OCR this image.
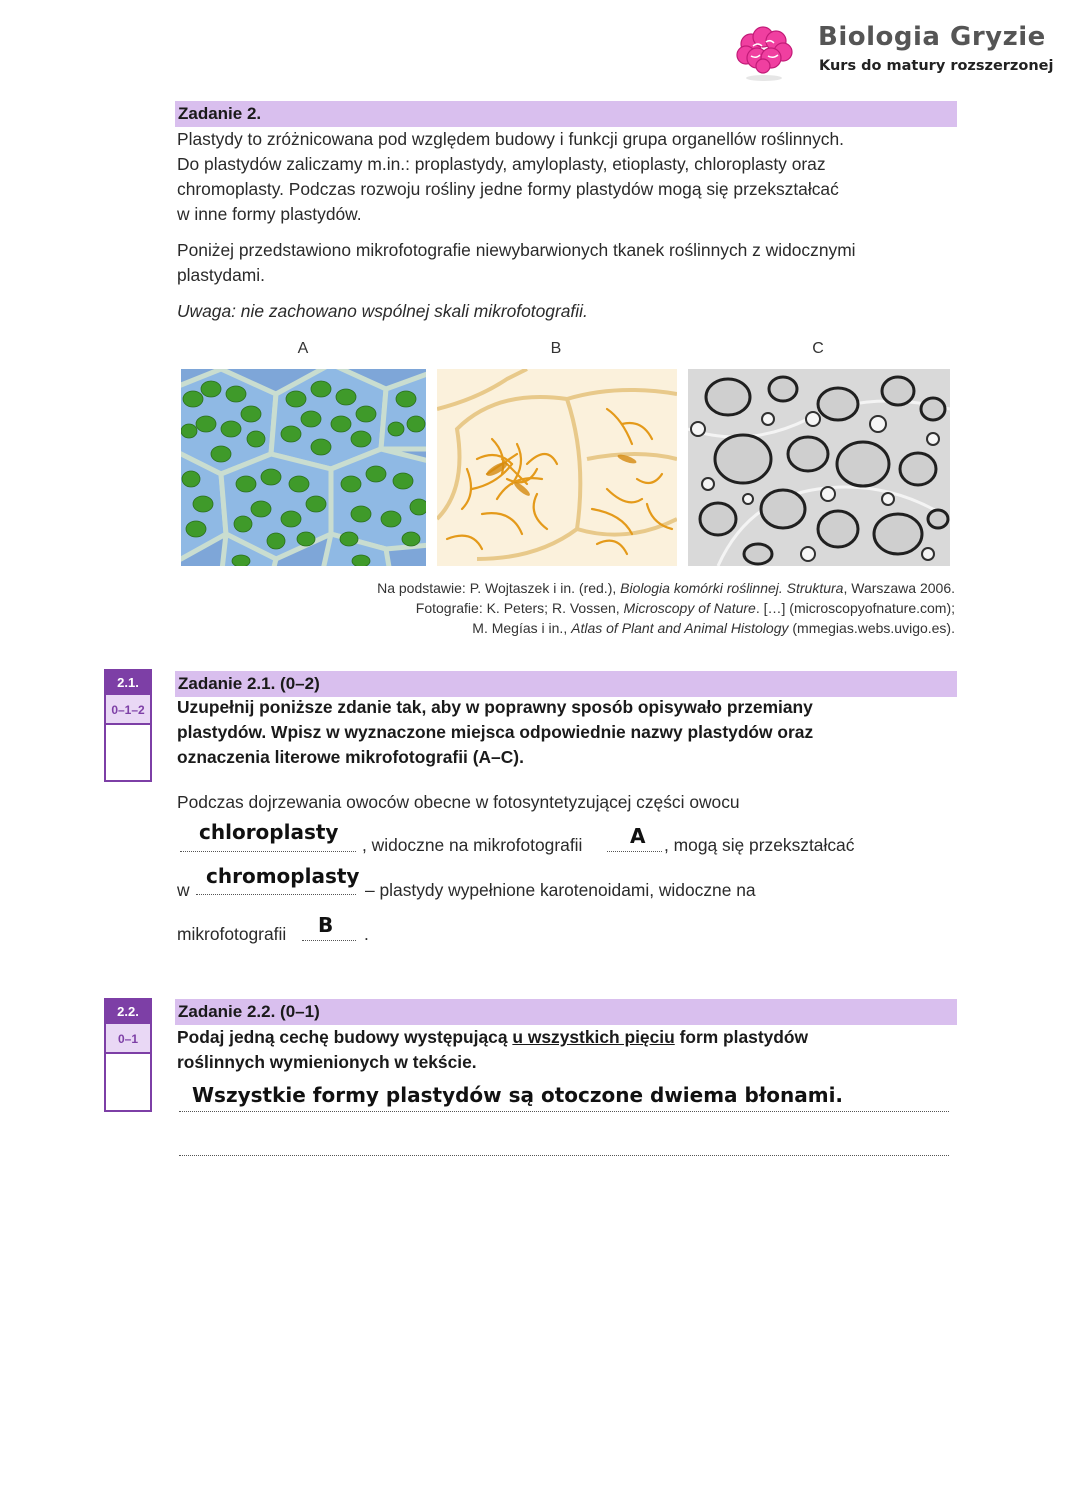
Biologia Gryzie
Kurs do matury rozszerzonej
Zadanie 2.
Plastydy to zróżnicowana pod względem budowy i funkcji grupa organellów roślinnych.
Do plastydów zaliczamy m.in.: proplastydy, amyloplasty, etioplasty, chloroplasty oraz
chromoplasty. Podczas rozwoju rośliny jedne formy plastydów mogą się przekształcać
w inne formy plastydów.
Poniżej przedstawiono mikrofotografie niewybarwionych tkanek roślinnych z widocznymi
plastydami.
Uwaga: nie zachowano wspólnej skali mikrofotografii.
A	B	C
Na podstawie: P. Wojtaszek i in. (red.), Biologia komórki roślinnej. Struktura, Warszawa 2006.
Fotografie: K. Peters; R. Vossen, Microscopy of Nature. […] (microscopyofnature.com);
M. Megías i in., Atlas of Plant and Animal Histology (mmegias.webs.uvigo.es).
2.1.
0–1–2
Zadanie 2.1. (0–2)
Uzupełnij poniższe zdanie tak, aby w poprawny sposób opisywało przemiany
plastydów. Wpisz w wyznaczone miejsca odpowiednie nazwy plastydów oraz
oznaczenia literowe mikrofotografii (A–C).
Podczas dojrzewania owoców obecne w fotosyntetyzującej części owocu
chloroplasty
, widoczne na mikrofotografii A , mogą się przekształcać
w
chromoplasty
– plastydy wypełnione karotenoidami, widoczne na
mikrofotografii B .
2.2.
0–1
Zadanie 2.2. (0–1)
Podaj jedną cechę budowy występującą u wszystkich pięciu form plastydów
roślinnych wymienionych w tekście.
Wszystkie formy plastydów są otoczone dwiema błonami.
